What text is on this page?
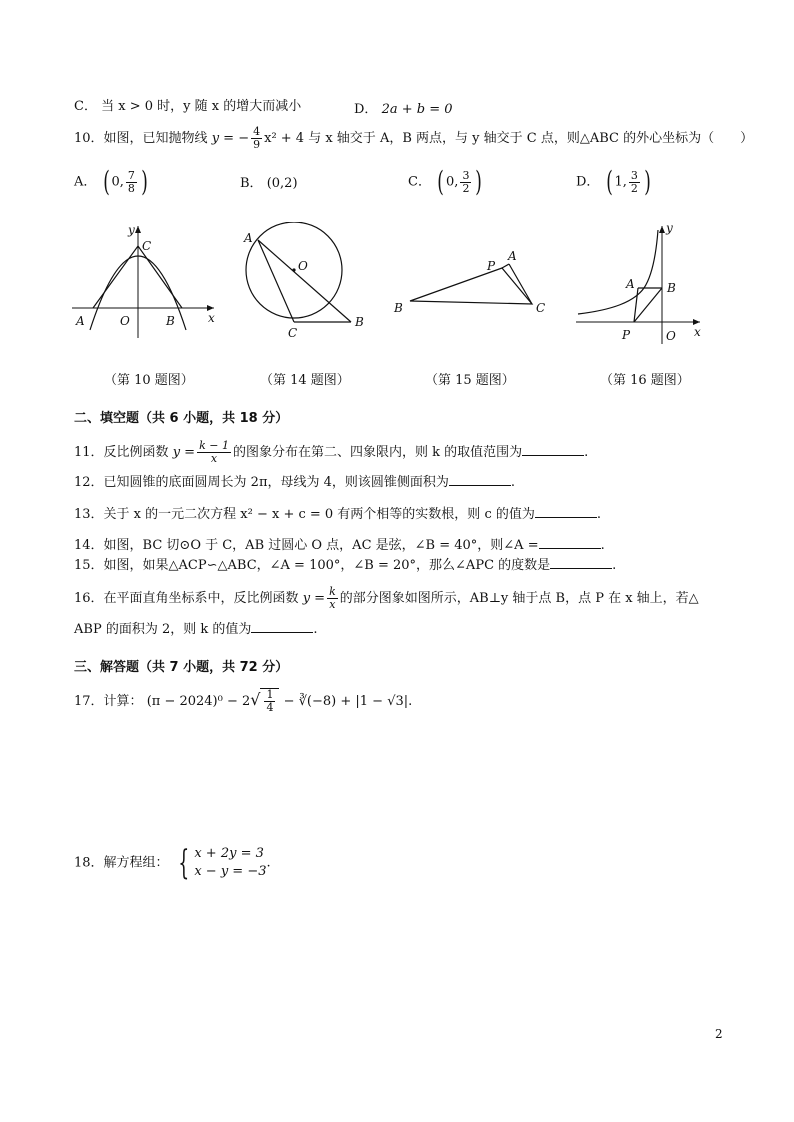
C． 当 x > 0 时，y 随 x 的增大而减小	D． 2a + b = 0
10．如图，已知抛物线 y = − $\frac{4}{9} x^2 + 4$ 与 x 轴交于 A，B 两点，与 y 轴交于 C 点，则△ABC 的外心坐标为（　　）
A． ( 0, $\frac{7}{8}$ )	B． (0,2)	C． ( 0, $\frac{3}{2}$ )	D． ( 1, $\frac{3}{2}$ )
y
x
C
A	O	B
A
O
C
B
P
A
B	C
y
x
A	B
P	O
（第 10 题图）	（第 14 题图）	（第 15 题图）	（第 16 题图）
二、填空题（共 6 小题，共 18 分）
11．反比例函数 $y = \frac{k - 1}{x}$ 的图象分布在第二、四象限内，则 k 的取值范围为	.
12．已知圆锥的底面圆周长为 2π，母线为 4，则该圆锥侧面积为	.
13．关于 x 的一元二次方程 x² − x + c = 0 有两个相等的实数根，则 c 的值为	.
14．如图，BC 切⊙O 于 C，AB 过圆心 O 点，AC 是弦，∠B = 40°，则∠A =	.
15．如图，如果△ACP∽△ABC，∠A = 100°，∠B = 20°，那么∠APC 的度数是	.
16．在平面直角坐标系中，反比例函数 $y = \frac{k}{x}$ 的部分图象如图所示，AB⊥y 轴于点 B，点 P 在 x 轴上，若△
ABP 的面积为 2，则 k 的值为	.
三、解答题（共 7 小题，共 72 分）
17．计算： $(\pi - 2024)^0 - 2√ \frac{1}{4}$ − ∛(−8) + |1 − √3|.
18．解方程组： { x + 2y = 3
x − y = −3
.
2
